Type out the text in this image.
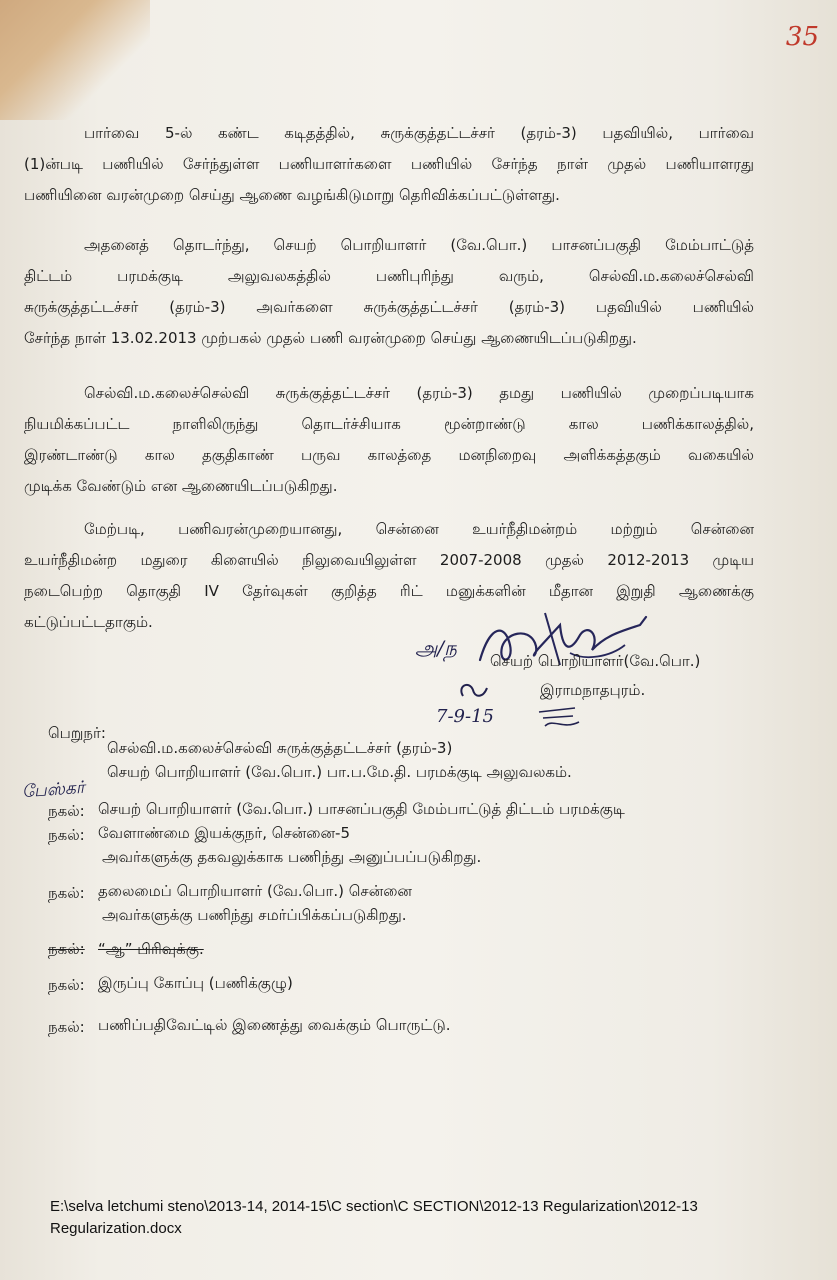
35
பார்வை 5-ல் கண்ட கடிதத்தில், சுருக்குத்தட்டச்சர் (தரம்-3) பதவியில், பார்வை
(1)ன்படி பணியில் சேர்ந்துள்ள பணியாளர்களை பணியில் சேர்ந்த நாள் முதல் பணியாளரது
பணியினை வரன்முறை செய்து ஆணை வழங்கிடுமாறு தெரிவிக்கப்பட்டுள்ளது.
அதனைத் தொடர்ந்து, செயற் பொறியாளர் (வே.பொ.) பாசனப்பகுதி மேம்பாட்டுத்
திட்டம் பரமக்குடி அலுவலகத்தில் பணிபுரிந்து வரும், செல்வி.ம.கலைச்செல்வி
சுருக்குத்தட்டச்சர் (தரம்-3) அவர்களை சுருக்குத்தட்டச்சர் (தரம்-3) பதவியில் பணியில்
சேர்ந்த நாள் 13.02.2013 முற்பகல் முதல் பணி வரன்முறை செய்து ஆணையிடப்படுகிறது.
செல்வி.ம.கலைச்செல்வி சுருக்குத்தட்டச்சர் (தரம்-3) தமது பணியில் முறைப்படியாக
நியமிக்கப்பட்ட நாளிலிருந்து தொடர்ச்சியாக மூன்றாண்டு கால பணிக்காலத்தில்,
இரண்டாண்டு கால தகுதிகாண் பருவ காலத்தை மனநிறைவு அளிக்கத்தகும் வகையில்
முடிக்க வேண்டும் என ஆணையிடப்படுகிறது.
மேற்படி, பணிவரன்முறையானது, சென்னை உயர்நீதிமன்றம் மற்றும் சென்னை
உயர்நீதிமன்ற மதுரை கிளையில் நிலுவையிலுள்ள 2007-2008 முதல் 2012-2013 முடிய
நடைபெற்ற தொகுதி IV தேர்வுகள் குறித்த ரிட் மனுக்களின் மீதான இறுதி ஆணைக்கு
கட்டுப்பட்டதாகும்.
அ/ந
செயற் பொறியாளர்(வே.பொ.)
இராமநாதபுரம்.
7-9-15
பெறுநர்:
செல்வி.ம.கலைச்செல்வி சுருக்குத்தட்டச்சர் (தரம்-3)
செயற் பொறியாளர் (வே.பொ.) பா.ப.மே.தி. பரமக்குடி அலுவலகம்.
பேஸ்கர்
நகல்: செயற் பொறியாளர் (வே.பொ.) பாசனப்பகுதி மேம்பாட்டுத் திட்டம் பரமக்குடி
நகல்: வேளாண்மை இயக்குநர், சென்னை-5
அவர்களுக்கு தகவலுக்காக பணிந்து அனுப்பப்படுகிறது.
நகல்: தலைமைப் பொறியாளர் (வே.பொ.) சென்னை
அவர்களுக்கு பணிந்து சமர்ப்பிக்கப்படுகிறது.
நகல்: “ஆ” பிரிவுக்கு.
நகல்: இருப்பு கோப்பு (பணிக்குழு)
நகல்: பணிப்பதிவேட்டில் இணைத்து வைக்கும் பொருட்டு.
E:\selva letchumi steno\2013-14, 2014-15\C section\C SECTION\2012-13 Regularization\2012-13 Regularization.docx
